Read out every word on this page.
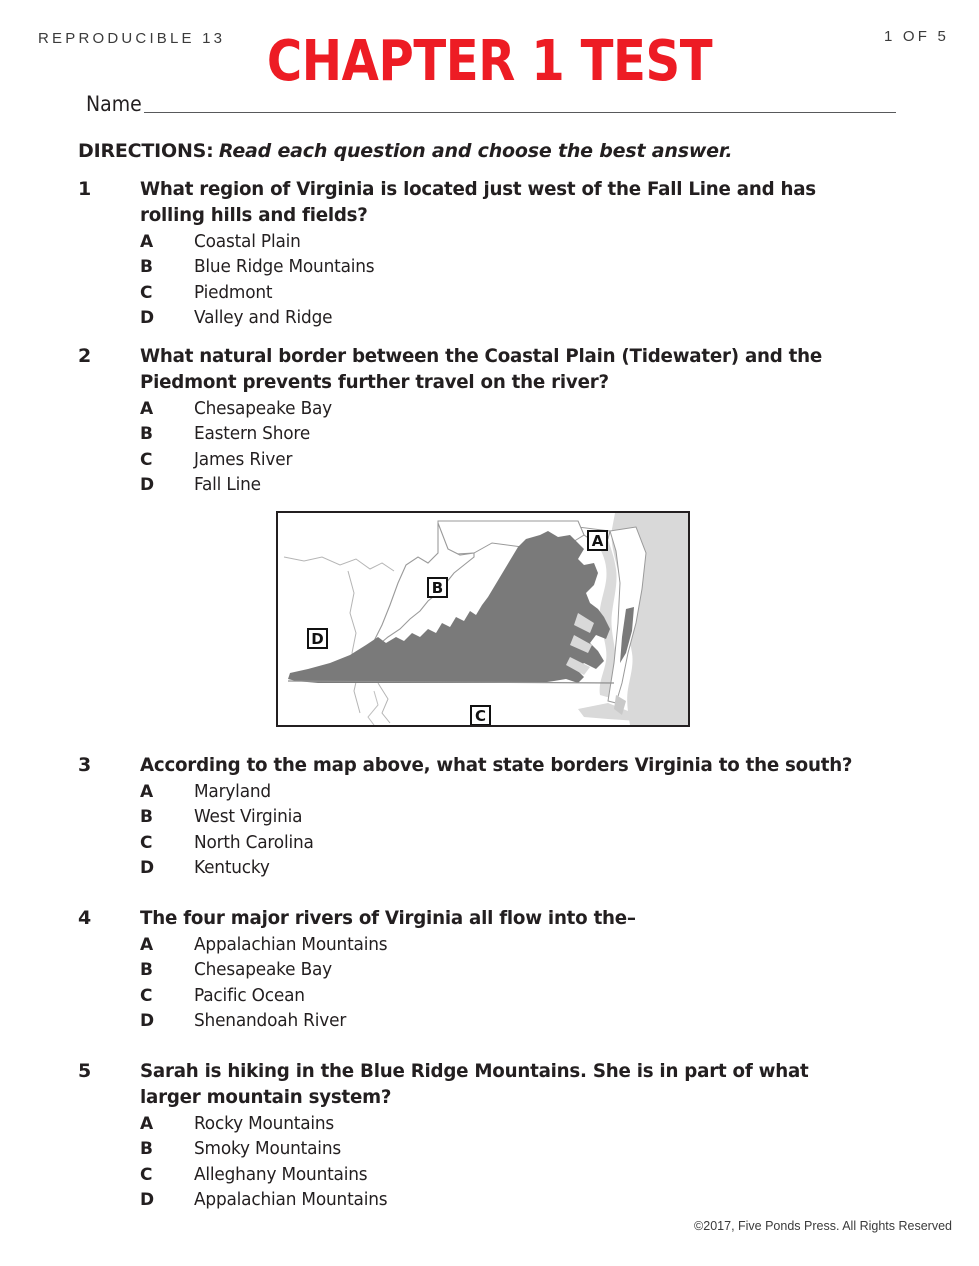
REPRODUCIBLE 13	1 OF 5
CHAPTER 1 TEST
Name
DIRECTIONS: Read each question and choose the best answer.
1	What region of Virginia is located just west of the Fall Line and has rolling hills and fields?
A	Coastal Plain
B	Blue Ridge Mountains
C	Piedmont
D	Valley and Ridge
2	What natural border between the Coastal Plain (Tidewater) and the Piedmont prevents further travel on the river?
A	Chesapeake Bay
B	Eastern Shore
C	James River
D	Fall Line
A
B
C
D
3	According to the map above, what state borders Virginia to the south?
A	Maryland
B	West Virginia
C	North Carolina
D	Kentucky
4	The four major rivers of Virginia all flow into the–
A	Appalachian Mountains
B	Chesapeake Bay
C	Pacific Ocean
D	Shenandoah River
5	Sarah is hiking in the Blue Ridge Mountains. She is in part of what larger mountain system?
A	Rocky Mountains
B	Smoky Mountains
C	Alleghany Mountains
D	Appalachian Mountains
©2017, Five Ponds Press. All Rights Reserved
